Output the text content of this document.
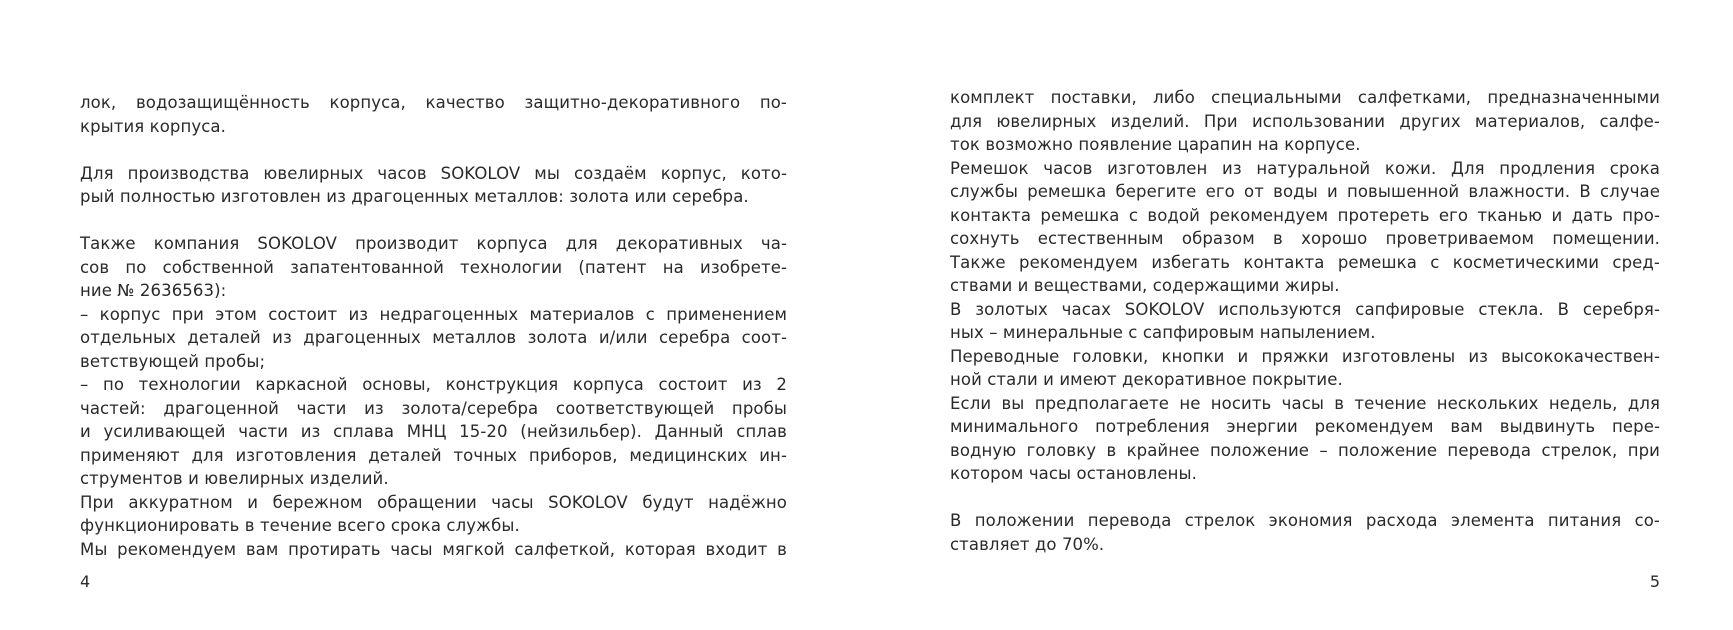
лок, водозащищённость корпуса, качество защитно-декоративного по-
крытия корпуса.
Для производства ювелирных часов SOKOLOV мы создаём корпус, кото-
рый полностью изготовлен из драгоценных металлов: золота или серебра.
Также компания SOKOLOV производит корпуса для декоративных ча-
сов по собственной запатентованной технологии (патент на изобрете-
ние № 2636563):
– корпус при этом состоит из недрагоценных материалов с применением
отдельных деталей из драгоценных металлов золота и/или серебра соот-
ветствующей пробы;
– по технологии каркасной основы, конструкция корпуса состоит из 2
частей: драгоценной части из золота/серебра соответствующей пробы
и усиливающей части из сплава МНЦ 15-20 (нейзильбер). Данный сплав
применяют для изготовления деталей точных приборов, медицинских ин-
струментов и ювелирных изделий.
При аккуратном и бережном обращении часы SOKOLOV будут надёжно
функционировать в течение всего срока службы.
Мы рекомендуем вам протирать часы мягкой салфеткой, которая входит в
4
комплект поставки, либо специальными салфетками, предназначенными
для ювелирных изделий. При использовании других материалов, салфе-
ток возможно появление царапин на корпусе.
Ремешок часов изготовлен из натуральной кожи. Для продления срока
службы ремешка берегите его от воды и повышенной влажности. В случае
контакта ремешка с водой рекомендуем протереть его тканью и дать про-
сохнуть естественным образом в хорошо проветриваемом помещении.
Также рекомендуем избегать контакта ремешка с косметическими сред-
ствами и веществами, содержащими жиры.
В золотых часах SOKOLOV используются сапфировые стекла. В серебря-
ных – минеральные с сапфировым напылением.
Переводные головки, кнопки и пряжки изготовлены из высококачествен-
ной стали и имеют декоративное покрытие.
Если вы предполагаете не носить часы в течение нескольких недель, для
минимального потребления энергии рекомендуем вам выдвинуть пере-
водную головку в крайнее положение – положение перевода стрелок, при
котором часы остановлены.
В положении перевода стрелок экономия расхода элемента питания со-
ставляет до 70%.
5
